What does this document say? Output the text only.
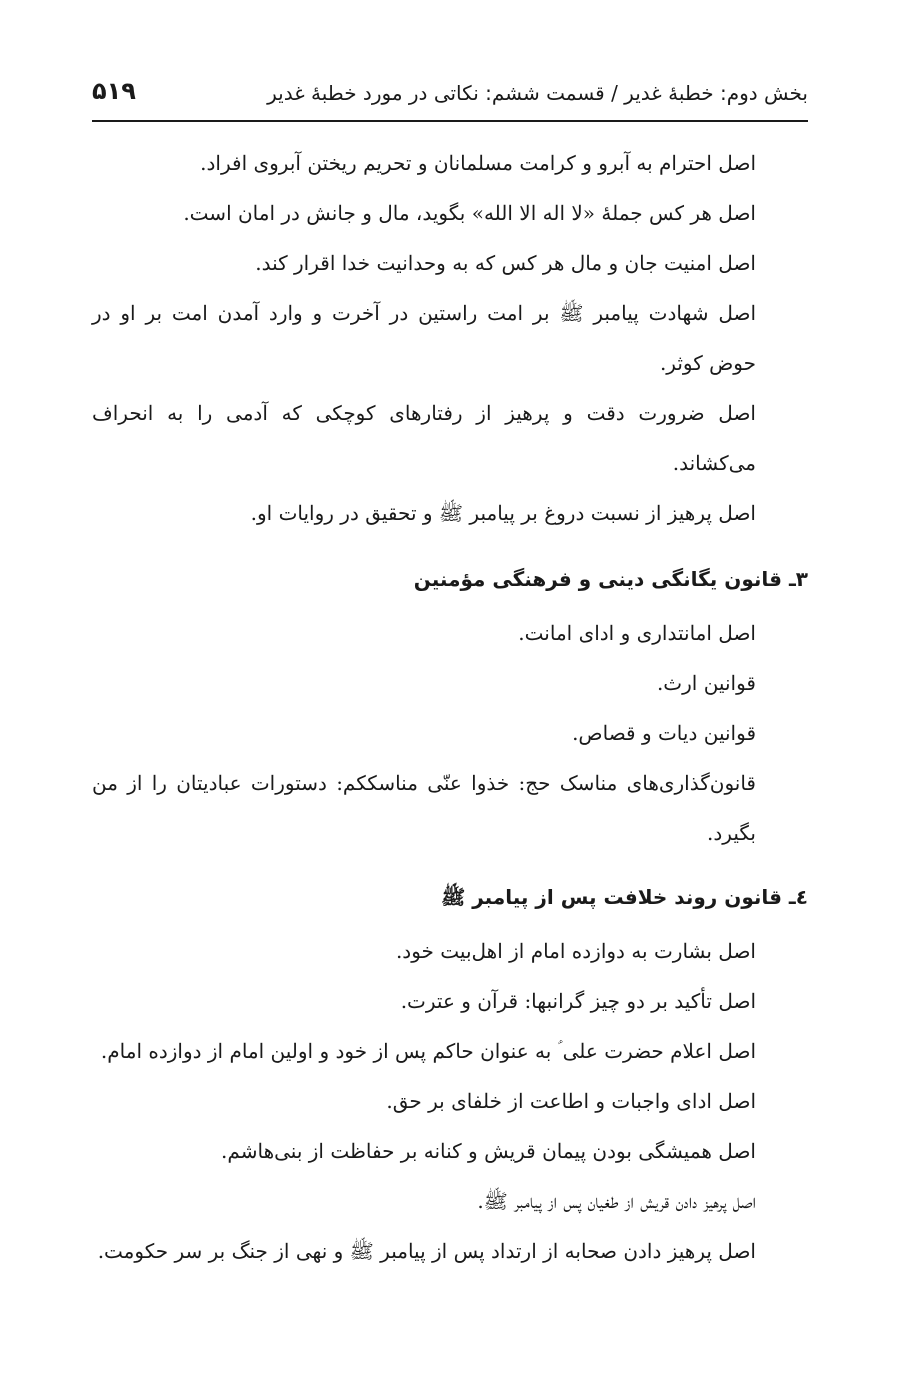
بخش دوم: خطبهٔ غدیر / قسمت ششم: نکاتی در مورد خطبهٔ غدیر
۵۱۹

اصل احترام به آبرو و کرامت مسلمانان و تحریم ریختن آبروی افراد.

اصل هر کس جملهٔ «لا اله الا الله» بگوید، مال و جانش در امان است.

اصل امنیت جان و مال هر کس که به وحدانیت خدا اقرار کند.

اصل شهادت پیامبر ﷺ بر امت راستین در آخرت و وارد آمدن امت بر او در حوض کوثر.

اصل ضرورت دقت و پرهیز از رفتارهای کوچکی که آدمی را به انحراف می‌کشاند.

اصل پرهیز از نسبت دروغ بر پیامبر ﷺ و تحقیق در روایات او.

۳ـ قانون یگانگی دینی و فرهنگی مؤمنین

اصل امانتداری و ادای امانت.

قوانین ارث.

قوانین دیات و قصاص.

قانون‌گذاری‌های مناسک حج: خذوا عنّی مناسککم: دستورات عبادیتان را از من بگیرد.

٤ـ قانون روند خلافت پس از پیامبر ﷺ

اصل بشارت به دوازده امام از اهل‌بیت خود.

اصل تأکید بر دو چیز گرانبها: قرآن و عترت.

اصل اعلام حضرت علی ؑ به عنوان حاکم پس از خود و اولین امام از دوازده امام.

اصل ادای واجبات و اطاعت از خلفای بر حق.

اصل همیشگی بودن پیمان قریش و کنانه بر حفاظت از بنی‌هاشم.

اصل پرهیز دادن قریش از طغیان پس از پیامبر ﷺ.

اصل پرهیز دادن صحابه از ارتداد پس از پیامبر ﷺ و نهی از جنگ بر سر حکومت.
